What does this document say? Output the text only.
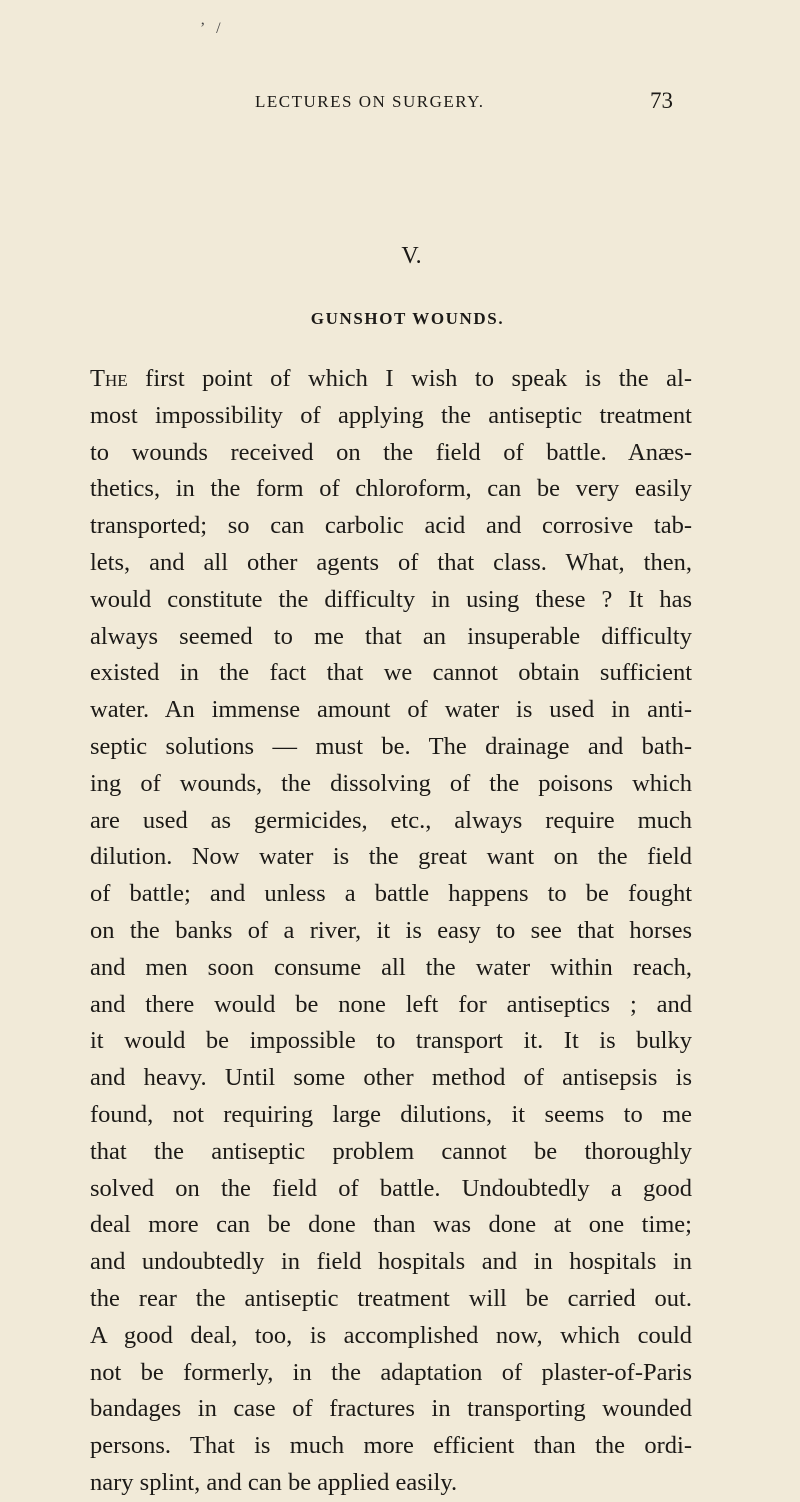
’ /
LECTURES ON SURGERY.	73
V.
GUNSHOT WOUNDS.
The first point of which I wish to speak is the al-
most impossibility of applying the antiseptic treatment
to wounds received on the field of battle. Anæs-
thetics, in the form of chloroform, can be very easily
transported; so can carbolic acid and corrosive tab-
lets, and all other agents of that class. What, then,
would constitute the difficulty in using these ? It has
always seemed to me that an insuperable difficulty
existed in the fact that we cannot obtain sufficient
water. An immense amount of water is used in anti-
septic solutions — must be. The drainage and bath-
ing of wounds, the dissolving of the poisons which
are used as germicides, etc., always require much
dilution. Now water is the great want on the field
of battle; and unless a battle happens to be fought
on the banks of a river, it is easy to see that horses
and men soon consume all the water within reach,
and there would be none left for antiseptics ; and
it would be impossible to transport it. It is bulky
and heavy. Until some other method of antisepsis is
found, not requiring large dilutions, it seems to me
that the antiseptic problem cannot be thoroughly
solved on the field of battle. Undoubtedly a good
deal more can be done than was done at one time;
and undoubtedly in field hospitals and in hospitals in
the rear the antiseptic treatment will be carried out.
A good deal, too, is accomplished now, which could
not be formerly, in the adaptation of plaster-of-Paris
bandages in case of fractures in transporting wounded
persons. That is much more efficient than the ordi-
nary splint, and can be applied easily.
